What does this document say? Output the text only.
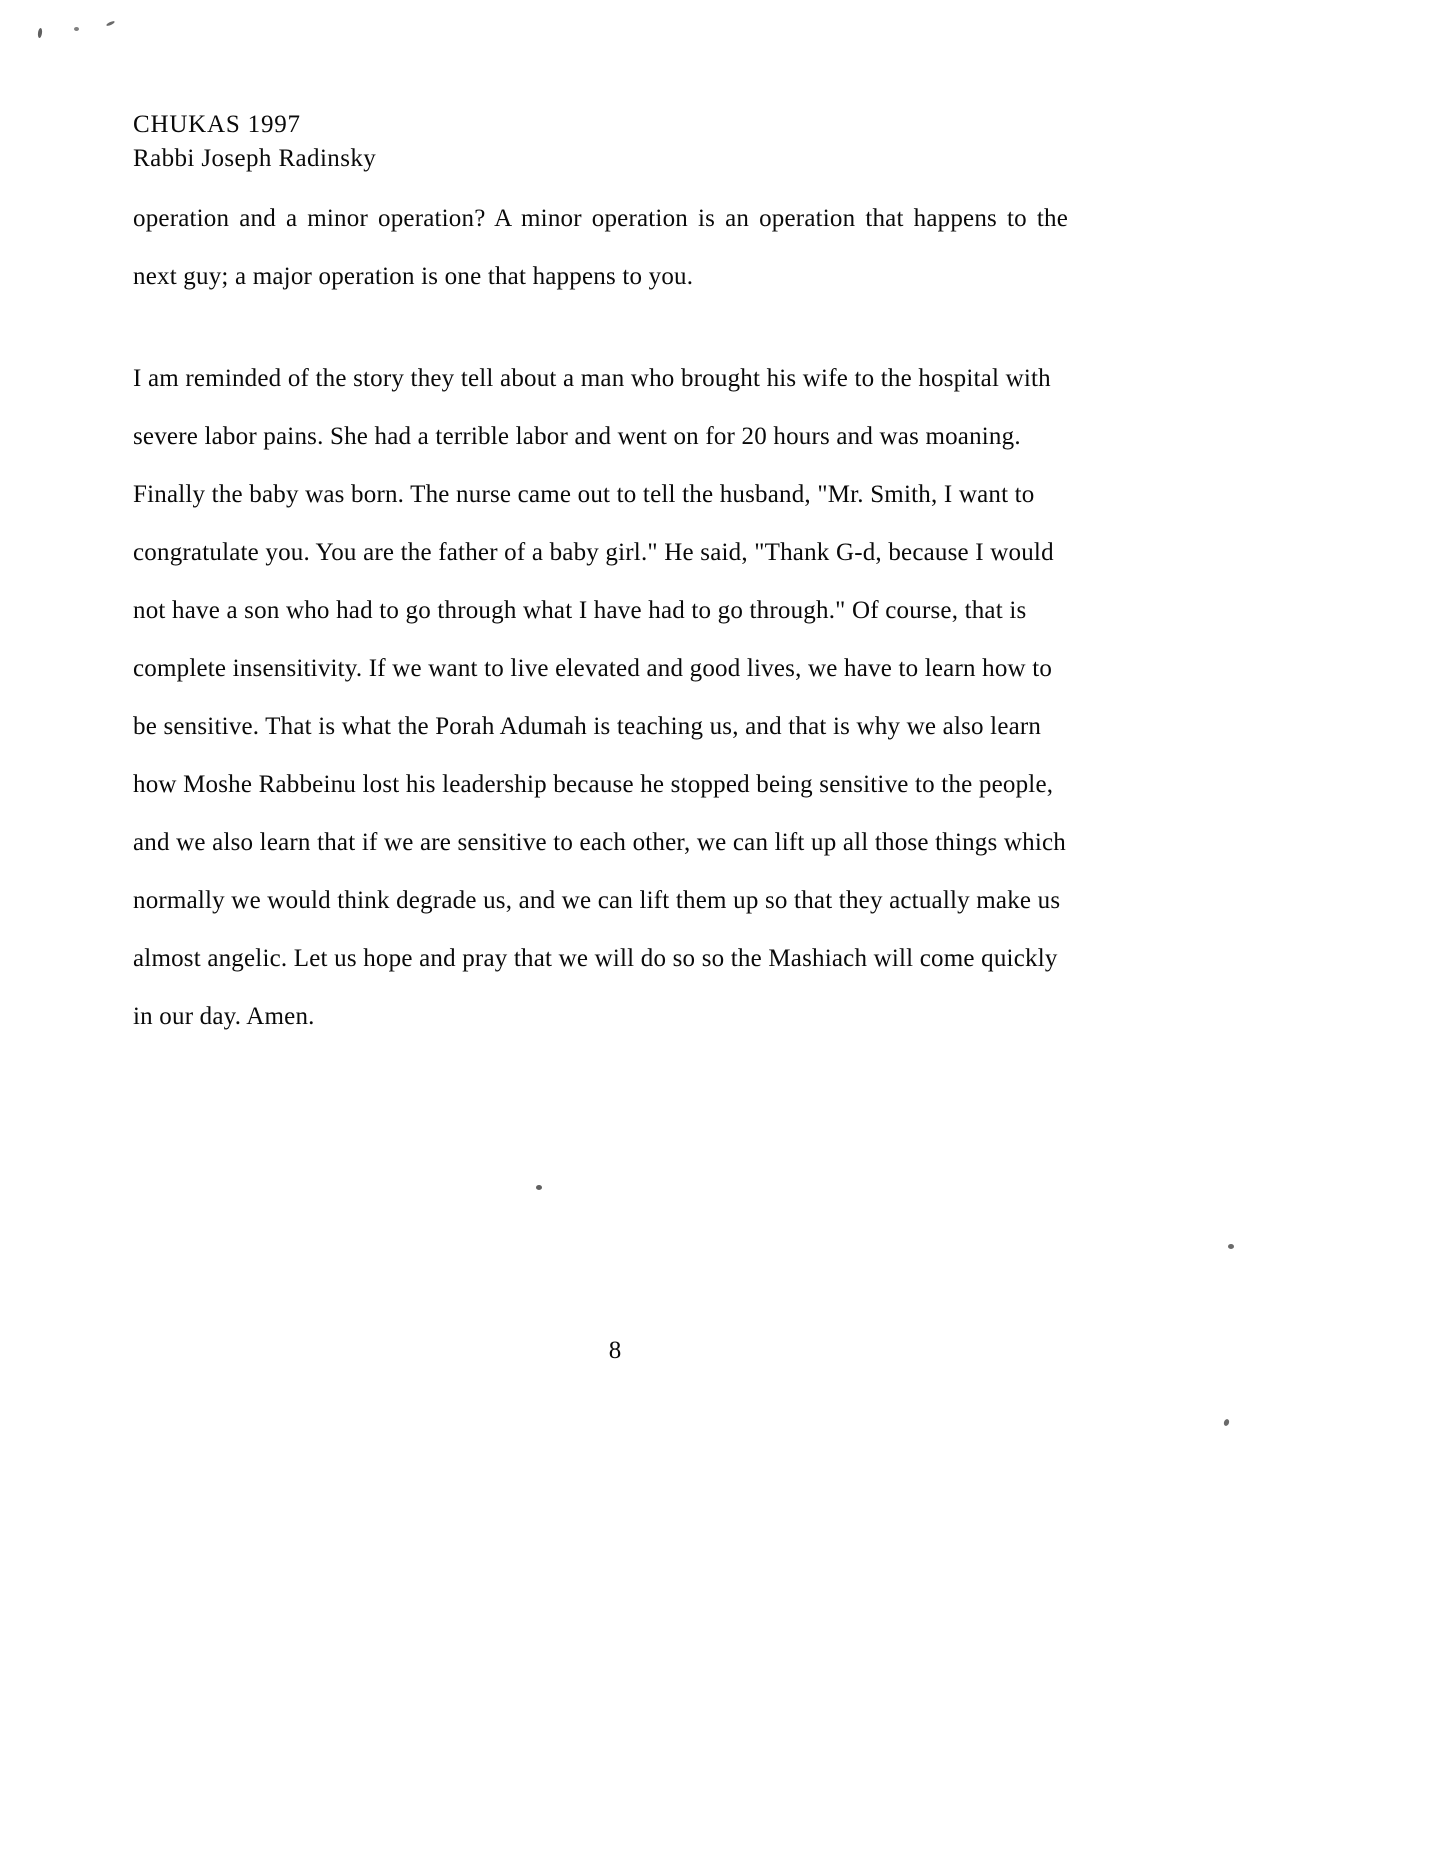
CHUKAS 1997
Rabbi Joseph Radinsky

operation and a minor operation? A minor operation is an operation that happens to the next guy; a major operation is one that happens to you.

I am reminded of the story they tell about a man who brought his wife to the hospital with severe labor pains. She had a terrible labor and went on for 20 hours and was moaning. Finally the baby was born. The nurse came out to tell the husband, "Mr. Smith, I want to congratulate you. You are the father of a baby girl." He said, "Thank G-d, because I would not have a son who had to go through what I have had to go through." Of course, that is complete insensitivity. If we want to live elevated and good lives, we have to learn how to be sensitive. That is what the Porah Adumah is teaching us, and that is why we also learn how Moshe Rabbeinu lost his leadership because he stopped being sensitive to the people, and we also learn that if we are sensitive to each other, we can lift up all those things which normally we would think degrade us, and we can lift them up so that they actually make us almost angelic. Let us hope and pray that we will do so so the Mashiach will come quickly in our day. Amen.

8
